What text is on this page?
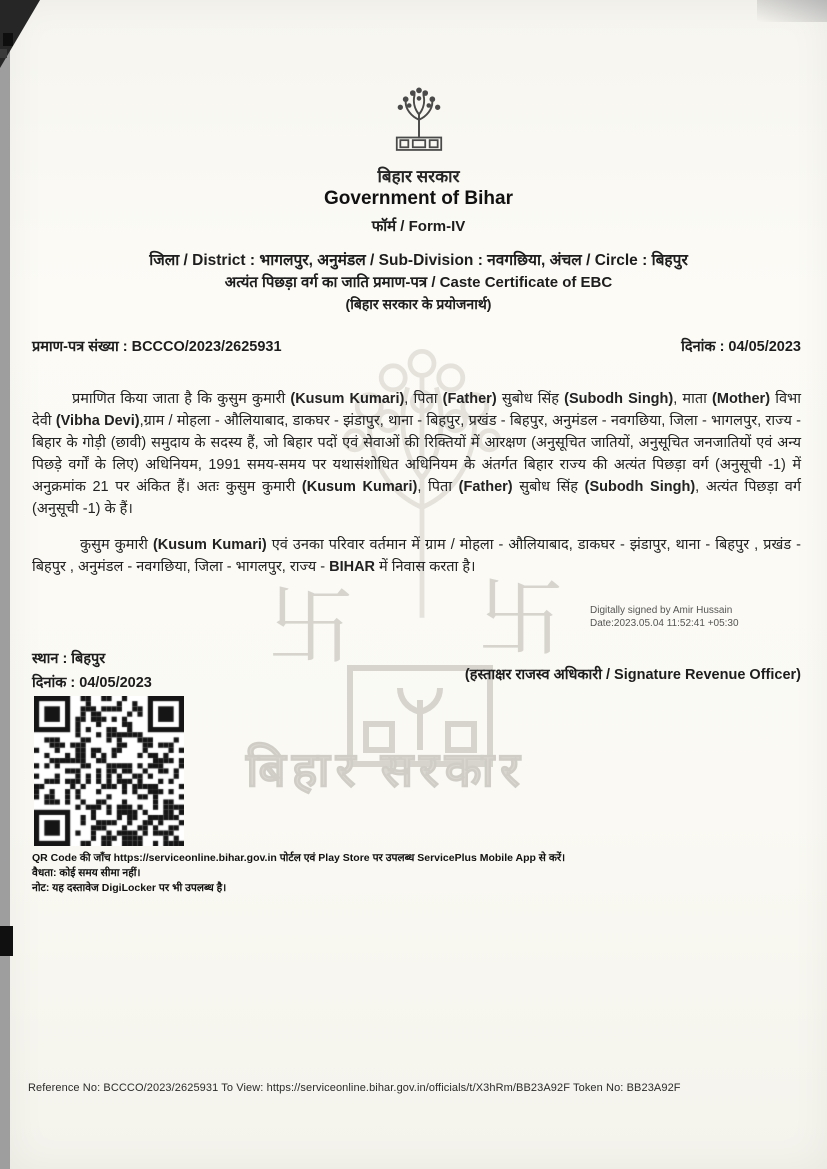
卐 卐
बिहार सरकार
बिहार सरकार
Government of Bihar
फॉर्म / Form-IV
जिला / District : भागलपुर, अनुमंडल / Sub-Division : नवगछिया, अंचल / Circle : बिहपुर
अत्यंत पिछड़ा वर्ग का जाति प्रमाण-पत्र / Caste Certificate of EBC
(बिहार सरकार के प्रयोजनार्थ)
प्रमाण-पत्र संख्या : BCCCO/2023/2625931	दिनांक : 04/05/2023
प्रमाणित किया जाता है कि कुसुम कुमारी (Kusum Kumari), पिता (Father) सुबोध सिंह (Subodh Singh), माता (Mother) विभा देवी (Vibha Devi),ग्राम / मोहला - औलियाबाद, डाकघर - झंडापुर, थाना - बिहपुर, प्रखंड - बिहपुर, अनुमंडल - नवगछिया, जिला - भागलपुर, राज्य - बिहार के गोड़ी (छावी) समुदाय के सदस्य हैं, जो बिहार पदों एवं सेवाओं की रिक्तियों में आरक्षण (अनुसूचित जातियों, अनुसूचित जनजातियों एवं अन्य पिछड़े वर्गों के लिए) अधिनियम, 1991 समय-समय पर यथासंशोधित अधिनियम के अंतर्गत बिहार राज्य की अत्यंत पिछड़ा वर्ग (अनुसूची -1) में अनुक्रमांक 21 पर अंकित हैं। अतः कुसुम कुमारी (Kusum Kumari), पिता (Father) सुबोध सिंह (Subodh Singh), अत्यंत पिछड़ा वर्ग (अनुसूची -1) के हैं।
कुसुम कुमारी (Kusum Kumari) एवं उनका परिवार वर्तमान में ग्राम / मोहला - औलियाबाद, डाकघर - झंडापुर, थाना - बिहपुर , प्रखंड - बिहपुर , अनुमंडल - नवगछिया, जिला - भागलपुर, राज्य - BIHAR में निवास करता है।
Digitally signed by Amir Hussain
Date:2023.05.04 11:52:41 +05:30
स्थान : बिहपुर
दिनांक : 04/05/2023	(हस्ताक्षर राजस्व अधिकारी / Signature Revenue Officer)
QR Code की जाँच https://serviceonline.bihar.gov.in पोर्टल एवं Play Store पर उपलब्ध ServicePlus Mobile App से करें।
वैधता: कोई समय सीमा नहीं।
नोट: यह दस्तावेज DigiLocker पर भी उपलब्ध है।
Reference No: BCCCO/2023/2625931 To View: https://serviceonline.bihar.gov.in/officials/t/X3hRm/BB23A92F Token No: BB23A92F
